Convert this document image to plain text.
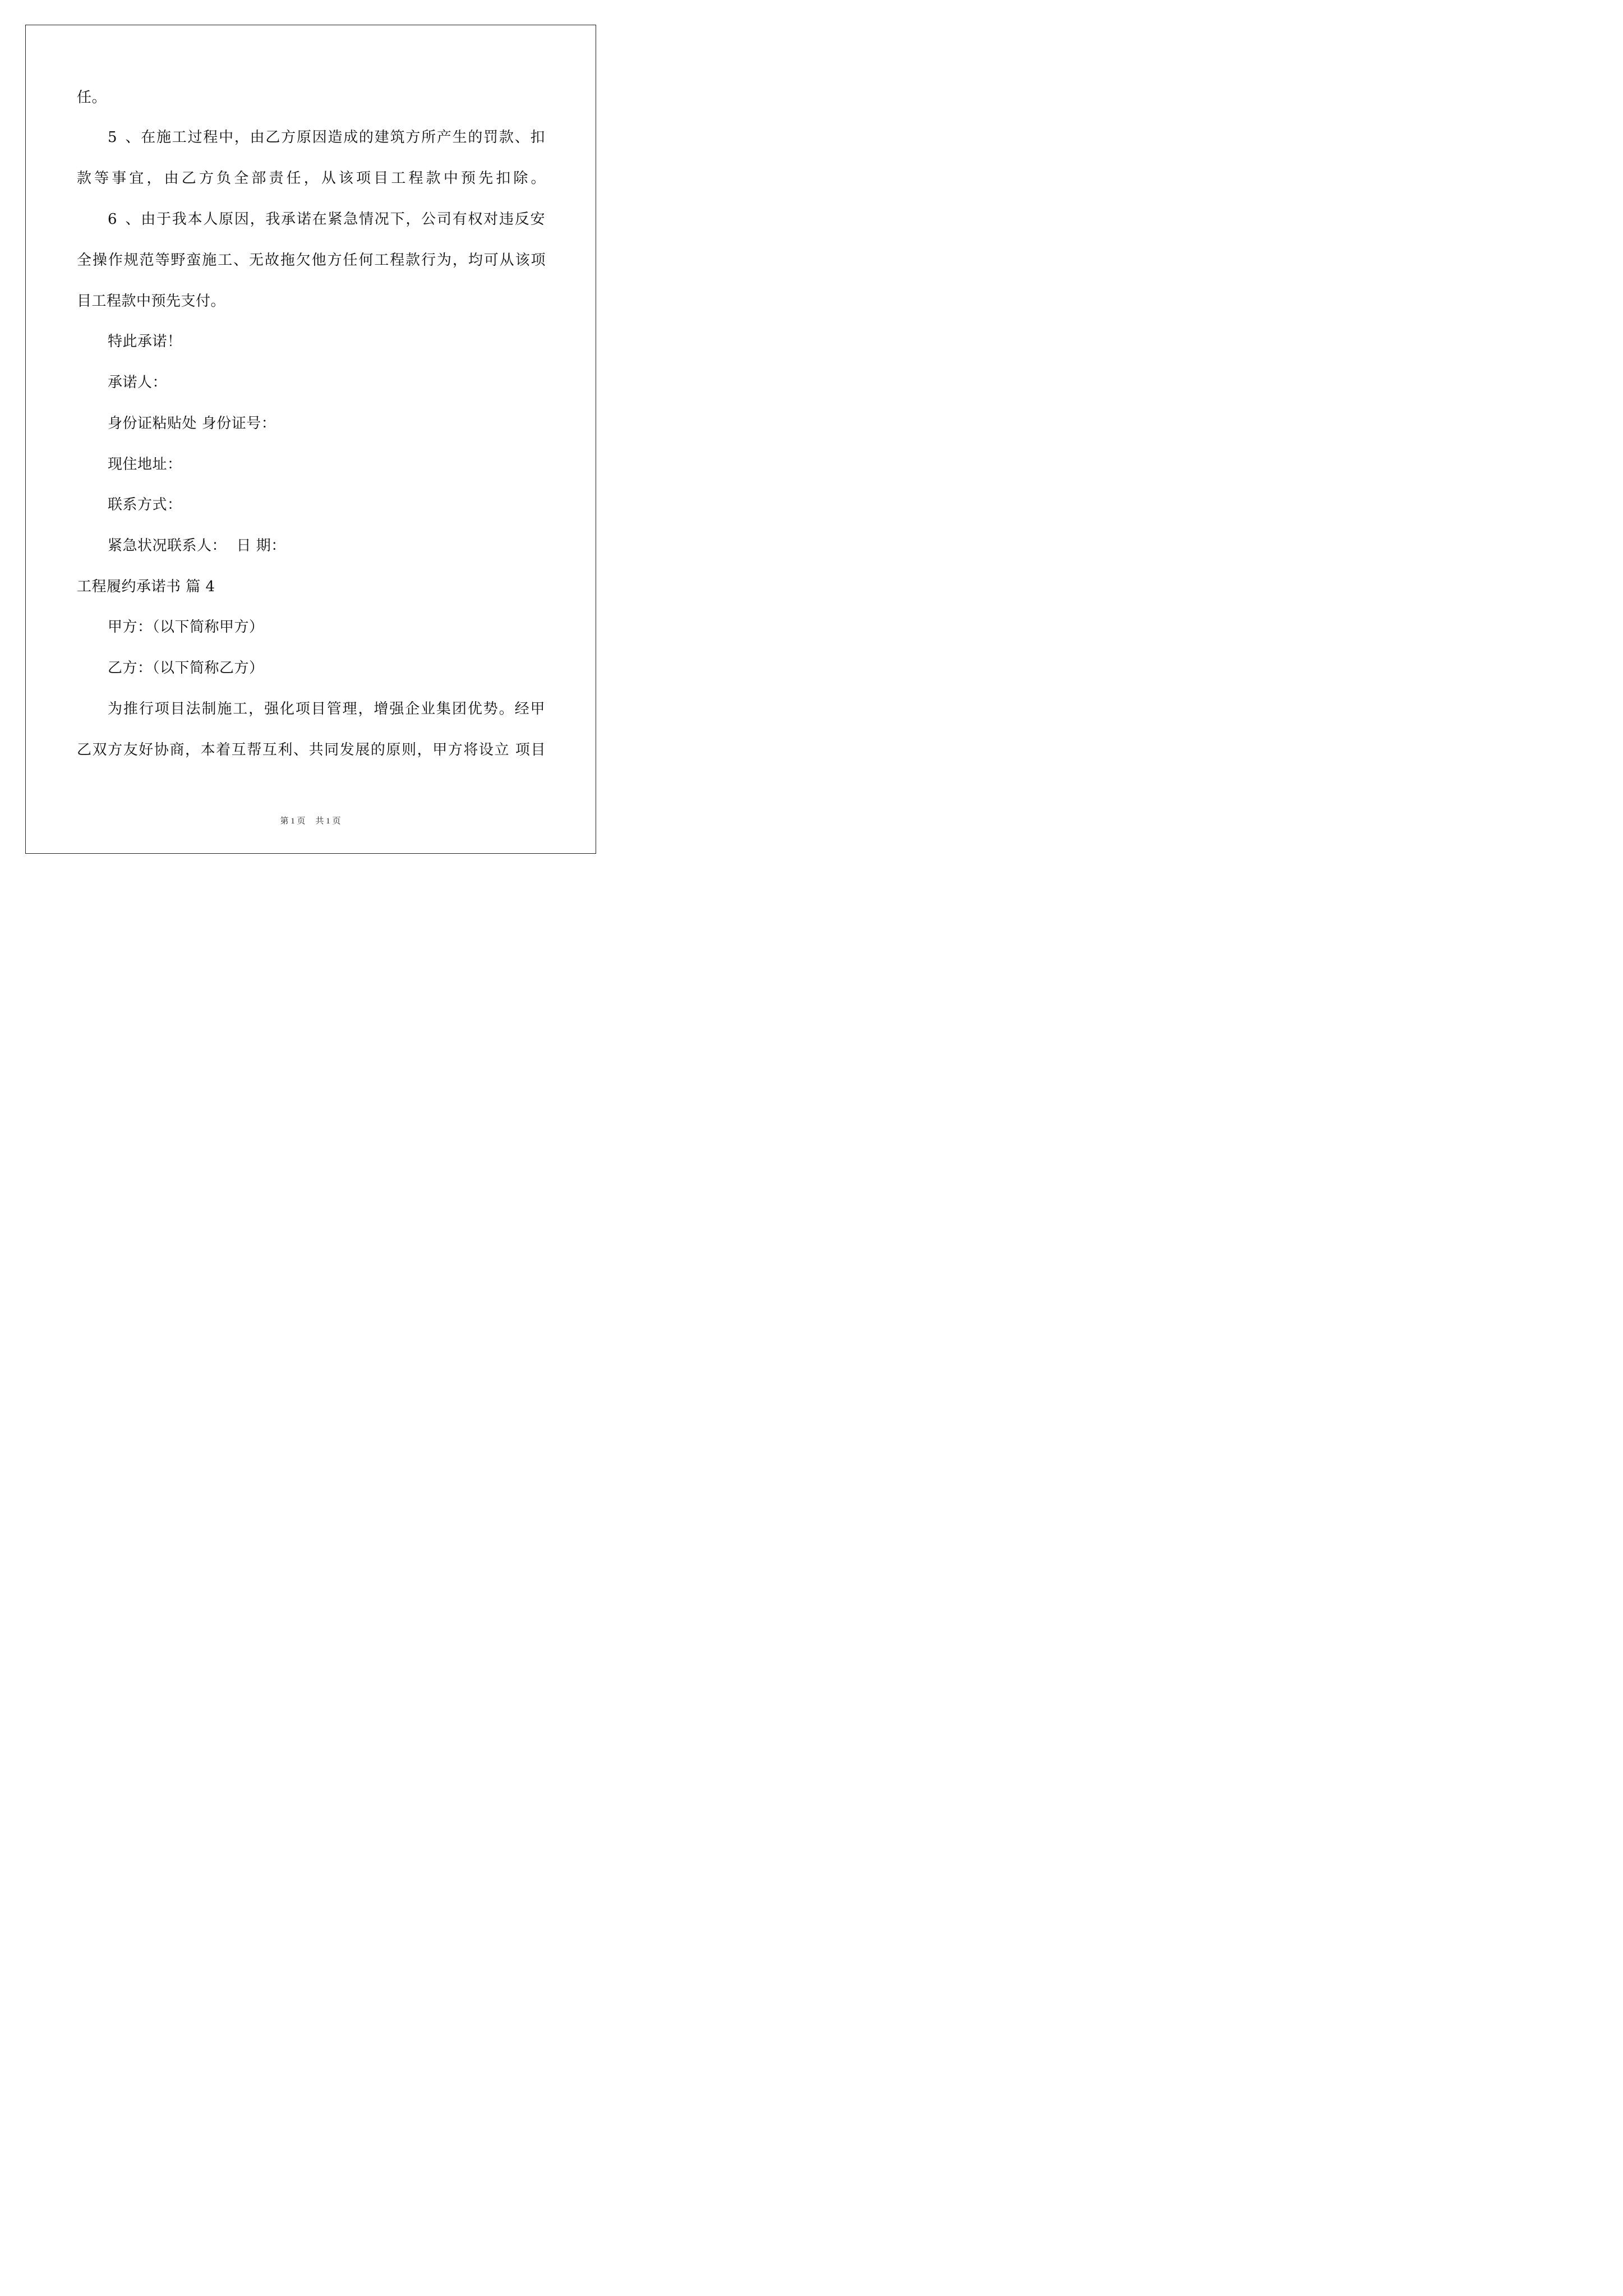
任。
5、在施工过程中，由乙方原因造成的建筑方所产生的罚款、扣
款等事宜，由乙方负全部责任，从该项目工程款中预先扣除。
6、由于我本人原因，我承诺在紧急情况下，公司有权对违反安
全操作规范等野蛮施工、无故拖欠他方任何工程款行为，均可从该项
目工程款中预先支付。
特此承诺！
承诺人：
身份证粘贴处 身份证号：
现住地址：
联系方式：
紧急状况联系人：  日 期：
工程履约承诺书 篇 4
甲方：（以下简称甲方）
乙方：（以下简称乙方）
为推行项目法制施工，强化项目管理，增强企业集团优势。经甲
乙双方友好协商，本着互帮互利、共同发展的原则，甲方将设立 项目
第 1 页 共 1 页
